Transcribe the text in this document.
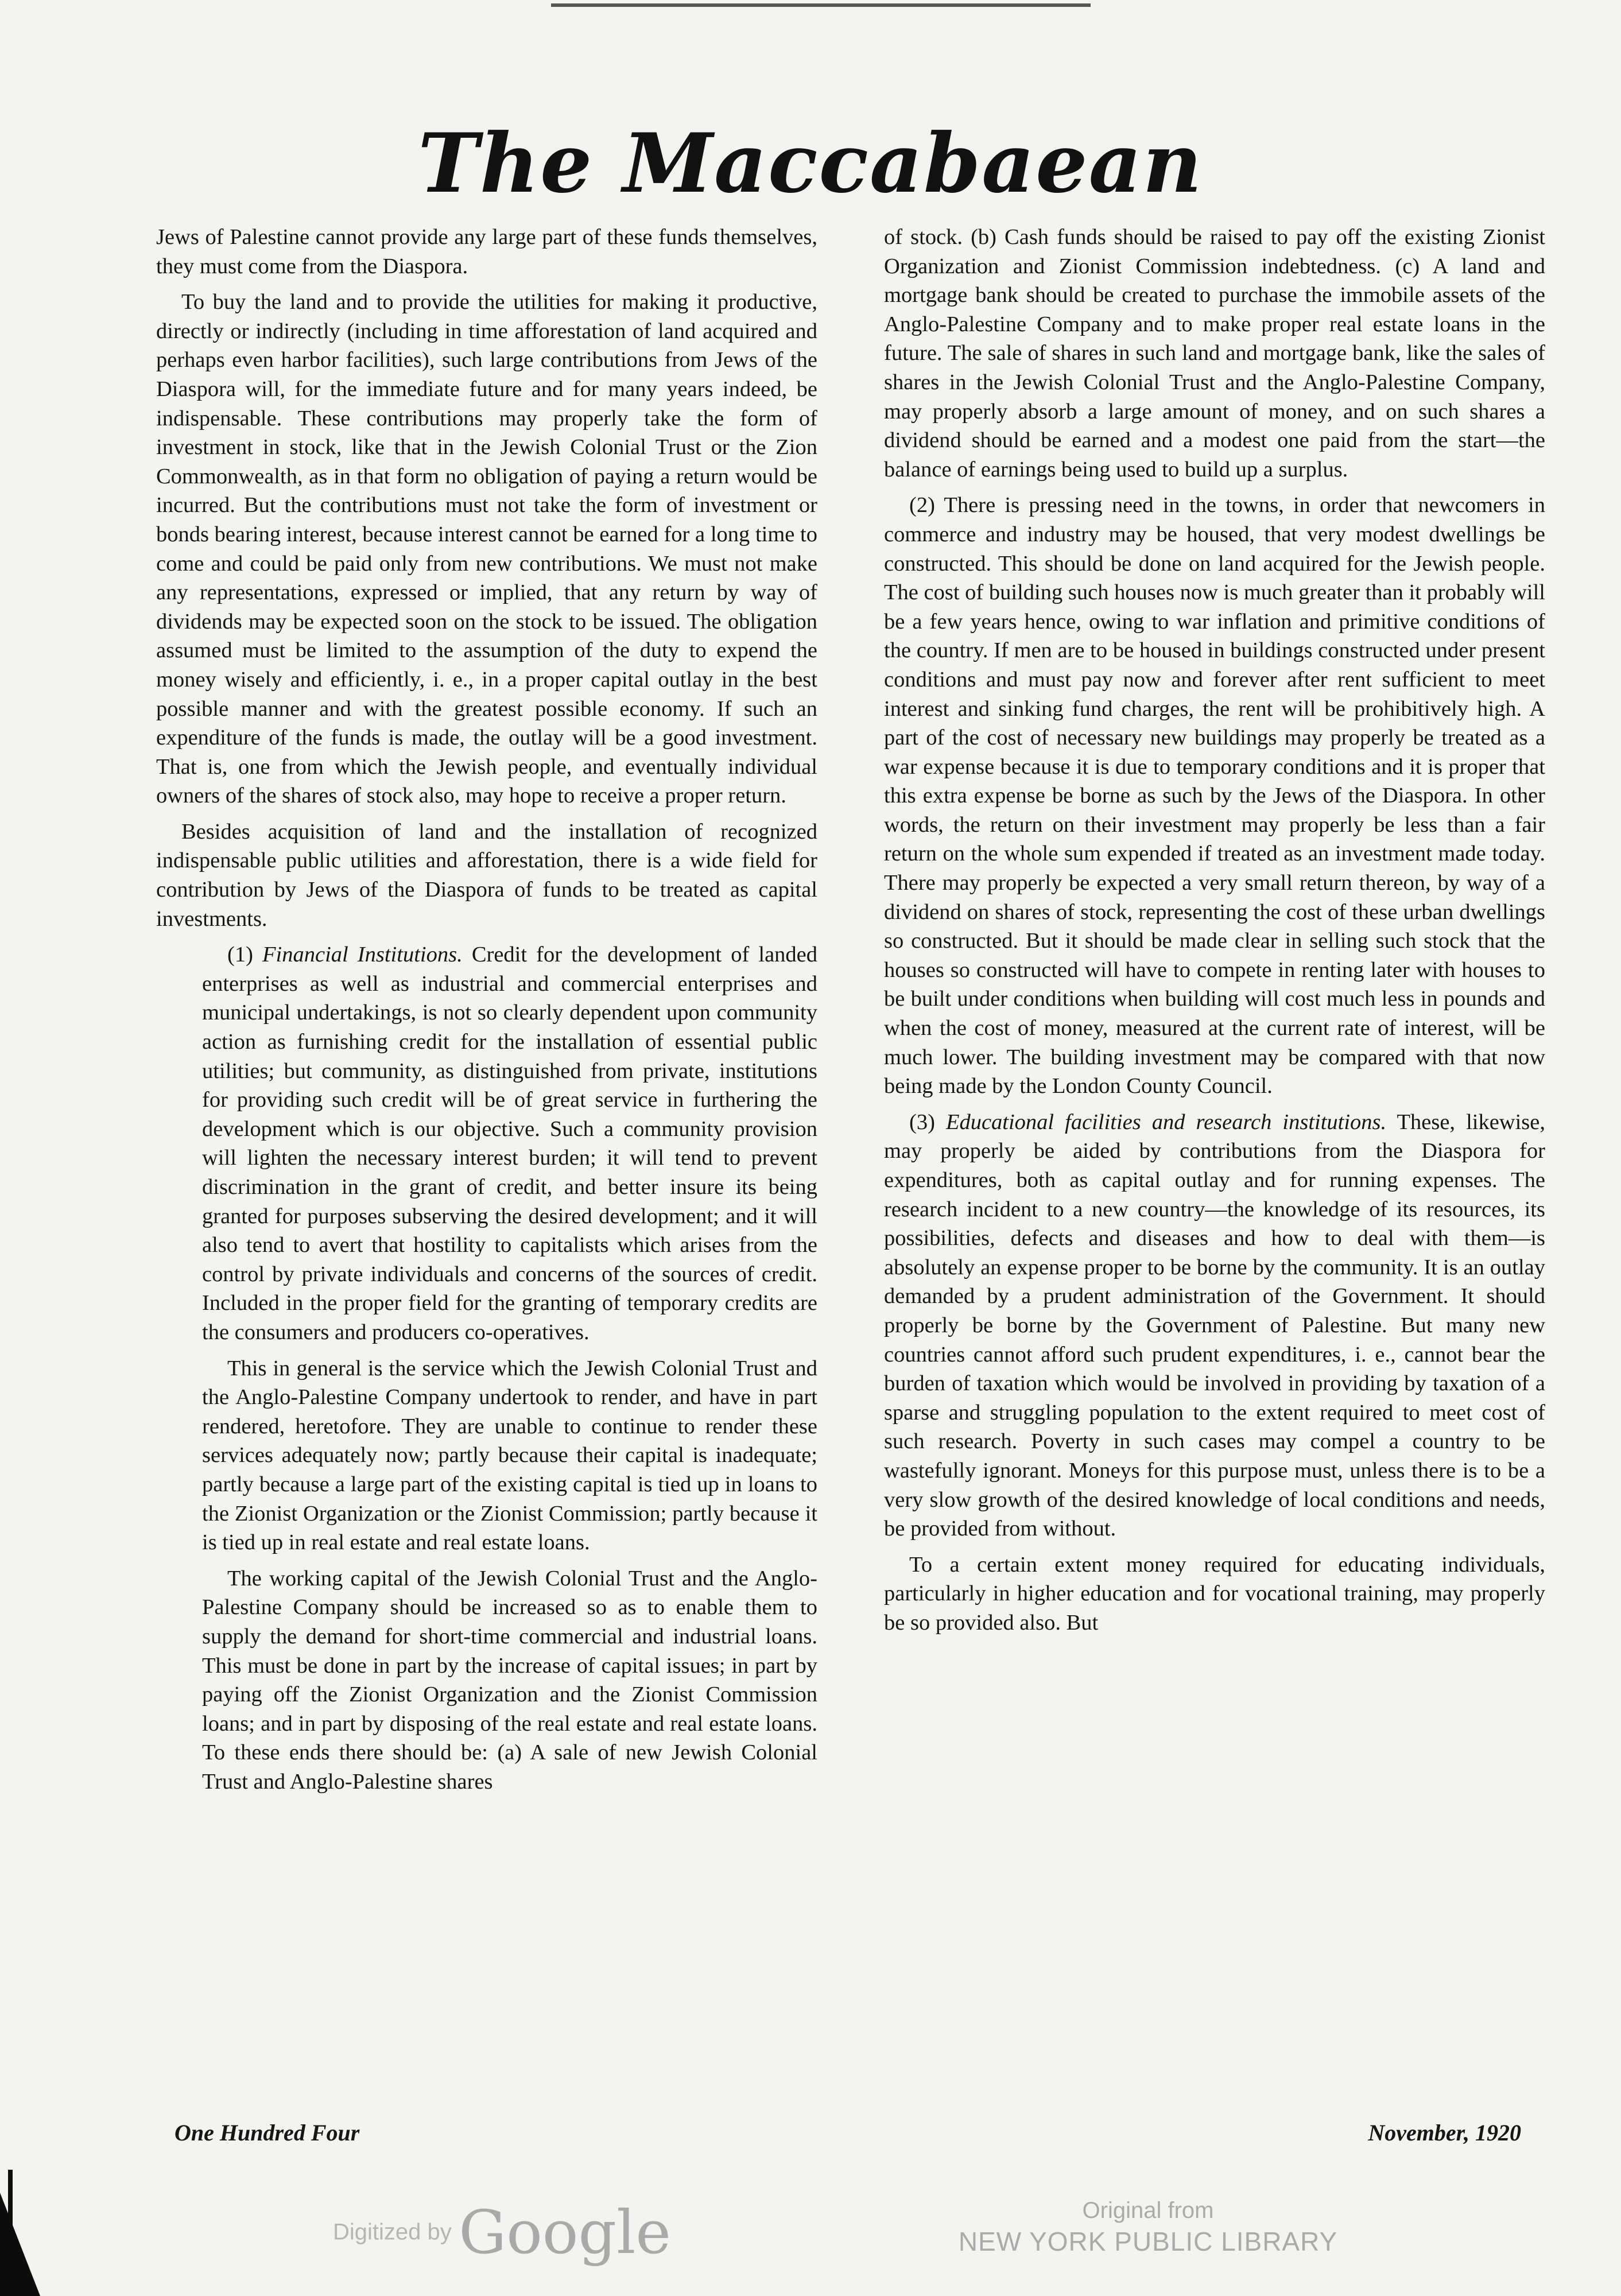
The Maccabaean

Jews of Palestine cannot provide any large part of these funds themselves, they must come from the Diaspora.

To buy the land and to provide the utilities for making it productive, directly or indirectly (including in time afforestation of land acquired and perhaps even harbor facilities), such large contributions from Jews of the Diaspora will, for the immediate future and for many years indeed, be indispensable. These contributions may properly take the form of investment in stock, like that in the Jewish Colonial Trust or the Zion Commonwealth, as in that form no obligation of paying a return would be incurred. But the contributions must not take the form of investment or bonds bearing interest, because interest cannot be earned for a long time to come and could be paid only from new contributions. We must not make any representations, expressed or implied, that any return by way of dividends may be expected soon on the stock to be issued. The obligation assumed must be limited to the assumption of the duty to expend the money wisely and efficiently, i. e., in a proper capital outlay in the best possible manner and with the greatest possible economy. If such an expenditure of the funds is made, the outlay will be a good investment. That is, one from which the Jewish people, and eventually individual owners of the shares of stock also, may hope to receive a proper return.

Besides acquisition of land and the installation of recognized indispensable public utilities and afforestation, there is a wide field for contribution by Jews of the Diaspora of funds to be treated as capital investments.

(1) Financial Institutions. Credit for the development of landed enterprises as well as industrial and commercial enterprises and municipal undertakings, is not so clearly dependent upon community action as furnishing credit for the installation of essential public utilities; but community, as distinguished from private, institutions for providing such credit will be of great service in furthering the development which is our objective. Such a community provision will lighten the necessary interest burden; it will tend to prevent discrimination in the grant of credit, and better insure its being granted for purposes subserving the desired development; and it will also tend to avert that hostility to capitalists which arises from the control by private individuals and concerns of the sources of credit. Included in the proper field for the granting of temporary credits are the consumers and producers co-operatives.

This in general is the service which the Jewish Colonial Trust and the Anglo-Palestine Company undertook to render, and have in part rendered, heretofore. They are unable to continue to render these services adequately now; partly because their capital is inadequate; partly because a large part of the existing capital is tied up in loans to the Zionist Organization or the Zionist Commission; partly because it is tied up in real estate and real estate loans.

The working capital of the Jewish Colonial Trust and the Anglo-Palestine Company should be increased so as to enable them to supply the demand for short-time commercial and industrial loans. This must be done in part by the increase of capital issues; in part by paying off the Zionist Organization and the Zionist Commission loans; and in part by disposing of the real estate and real estate loans. To these ends there should be: (a) A sale of new Jewish Colonial Trust and Anglo-Palestine shares

of stock. (b) Cash funds should be raised to pay off the existing Zionist Organization and Zionist Commission indebtedness. (c) A land and mortgage bank should be created to purchase the immobile assets of the Anglo-Palestine Company and to make proper real estate loans in the future. The sale of shares in such land and mortgage bank, like the sales of shares in the Jewish Colonial Trust and the Anglo-Palestine Company, may properly absorb a large amount of money, and on such shares a dividend should be earned and a modest one paid from the start—the balance of earnings being used to build up a surplus.

(2) There is pressing need in the towns, in order that newcomers in commerce and industry may be housed, that very modest dwellings be constructed. This should be done on land acquired for the Jewish people. The cost of building such houses now is much greater than it probably will be a few years hence, owing to war inflation and primitive conditions of the country. If men are to be housed in buildings constructed under present conditions and must pay now and forever after rent sufficient to meet interest and sinking fund charges, the rent will be prohibitively high. A part of the cost of necessary new buildings may properly be treated as a war expense because it is due to temporary conditions and it is proper that this extra expense be borne as such by the Jews of the Diaspora. In other words, the return on their investment may properly be less than a fair return on the whole sum expended if treated as an investment made today. There may properly be expected a very small return thereon, by way of a dividend on shares of stock, representing the cost of these urban dwellings so constructed. But it should be made clear in selling such stock that the houses so constructed will have to compete in renting later with houses to be built under conditions when building will cost much less in pounds and when the cost of money, measured at the current rate of interest, will be much lower. The building investment may be compared with that now being made by the London County Council.

(3) Educational facilities and research institutions. These, likewise, may properly be aided by contributions from the Diaspora for expenditures, both as capital outlay and for running expenses. The research incident to a new country—the knowledge of its resources, its possibilities, defects and diseases and how to deal with them—is absolutely an expense proper to be borne by the community. It is an outlay demanded by a prudent administration of the Government. It should properly be borne by the Government of Palestine. But many new countries cannot afford such prudent expenditures, i. e., cannot bear the burden of taxation which would be involved in providing by taxation of a sparse and struggling population to the extent required to meet cost of such research. Poverty in such cases may compel a country to be wastefully ignorant. Moneys for this purpose must, unless there is to be a very slow growth of the desired knowledge of local conditions and needs, be provided from without.

To a certain extent money required for educating individuals, particularly in higher education and for vocational training, may properly be so provided also. But

One Hundred Four	November, 1920
Digitized by Google	Original from
NEW YORK PUBLIC LIBRARY
